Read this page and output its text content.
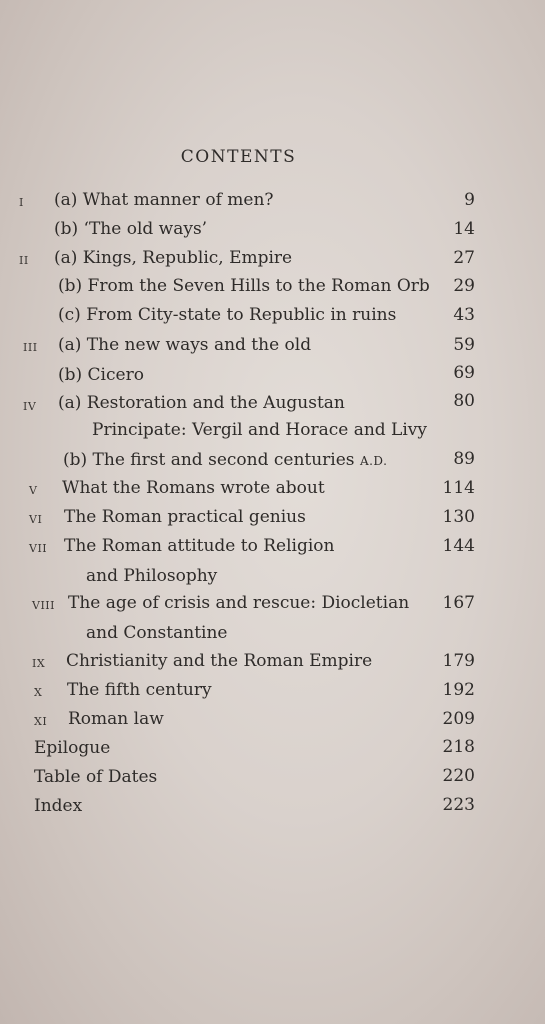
CONTENTS
I (a) What manner of men?	9
(b) ‘The old ways’	14
II (a) Kings, Republic, Empire	27
(b) From the Seven Hills to the Roman Orb 29
(c) From City-state to Republic in ruins	43
III (a) The new ways and the old	59
(b) Cicero	69
IV (a) Restoration and the Augustan	80
Principate: Vergil and Horace and Livy
(b) The first and second centuries A.D.	89
V What the Romans wrote about	114
VI The Roman practical genius	130
VII The Roman attitude to Religion	144
and Philosophy
VIII The age of crisis and rescue: Diocletian 167
and Constantine
IX Christianity and the Roman Empire	179
X The fifth century	192
XI Roman law	209
Epilogue	218
Table of Dates	220
Index	223
